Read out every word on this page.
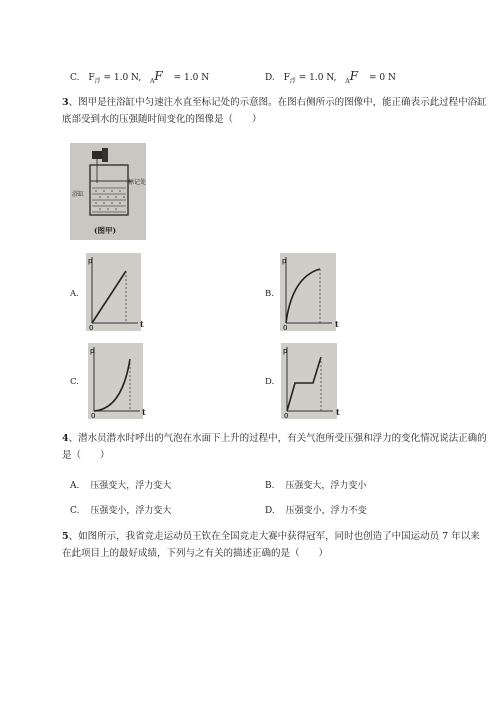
C. $F_浮 = 1.0$ N, $_A$F = 1.0 N	D. $F_浮 = 1.0$ N, $_A$F = 0 N
3、图甲是往浴缸中匀速注水直至标记处的示意图。在图右侧所示的图像中，能正确表示此过程中浴缸底部受到水的压强随时间变化的图像是（　　）
浴缸
标记处
(图甲)
A.
p
0	t
B.
p
0	t
C.
p
0	t
D.
p
0	t
4、潜水员潜水时呼出的气泡在水面下上升的过程中，有关气泡所受压强和浮力的变化情况说法正确的是（　　）
A. 压强变大，浮力变大	B. 压强变大，浮力变小
C. 压强变小，浮力变大	D. 压强变小，浮力不变
5、如图所示，我省竞走运动员王钦在全国竞走大赛中获得冠军，同时也创造了中国运动员 7 年以来在此项目上的最好成绩，下列与之有关的描述正确的是（　　）
